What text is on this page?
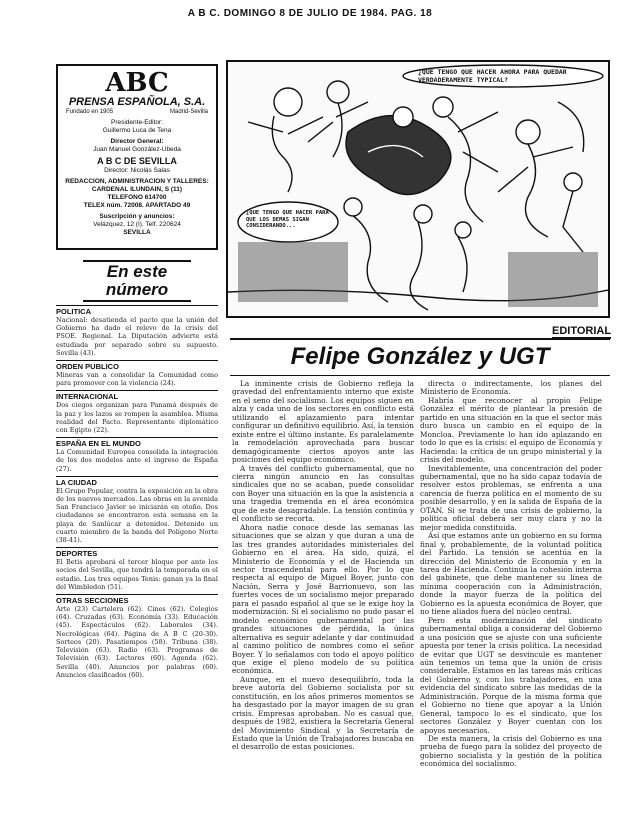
A B C. DOMINGO 8 DE JULIO DE 1984. PAG. 18
ABC
PRENSA ESPAÑOLA, S.A.
Fundado en 1905	Madrid-Sevilla
Presidente-Editor:
Guillermo Luca de Tena
Director General:
Juan Manuel González-Ubeda
A B C DE SEVILLA
Director: Nicolás Salas
REDACCION, ADMINISTRACION Y TALLERES:
CARDENAL ILUNDAIN, S (11)
TELEFONO 614700
TELEX núm. 72008. APARTADO 49
Suscripción y anuncios:
Velázquez, 12 (I). Telf. 220624
SEVILLA
En este número
POLITICA

Nacional: desatienda el pacto que la unión del Gobierno ha dado el relevo de la crisis del PSOE. Regional. La Diputación advierte está estudiada por separado sobre su supuesto. Sevilla (43).

ORDEN PUBLICO

Mineras van a consolidar la Comunidad como para promover con la violencia (24).

INTERNACIONAL

Dos ciegos organizan para Panamá después de la paz y los lazos se rompen la asamblea. Misma realidad del Pacto. Representante diplomático con Egipto (22).

ESPAÑA EN EL MUNDO

La Comunidad Europea consolida la integración de los dos modelos ante el ingreso de España (27).

LA CIUDAD

El Grupo Popular, contra la exposición en la obra de los nuevos mercados. Las obras en la avenida San Francisco Javier se iniciarán en otoño. Dos ciudadanos se encontraron esta semana en la playa de Sanlúcar a detenidos. Detenido un cuarto miembro de la banda del Polígono Norte (38-41).

DEPORTES

El Betis aprobará el tercer bloque por ante los socios del Sevilla, que tendrá la temporada en el estadio. Los tres equipos Tenis: ganan ya la final del Wimbledon (51).

OTRAS SECCIONES

Arte (23) Cartelera (62). Cines (62). Colegios (64). Cruzadas (63). Economía (33). Educación (45). Espectáculos (62). Laborales (34). Necrológicas (64). Página de A B C (20-30). Sorteos (20). Pasatiempos (58). Tribuna (38). Televisión (63). Radio (63). Programas de Televisión (63). Lectores (60). Agenda (62). Sevilla (40). Anuncios por palabras (60). Anuncios clasificados (60).

¿QUE TENGO QUE HACER AHORA PARA QUEDAR VERDADERAMENTE TYPICAL?
¿QUE TENGO QUE HACER PARA QUE LOS DEMAS SIGAN CONSIDERANDO...
EDITORIAL
Felipe González y UGT

La inminente crisis de Gobierno refleja la gravedad del enfrentamiento interno que existe en el seno del socialismo. Los equipos siguen en alza y cada uno de los sectores en conflicto está utilizando el aplazamiento para intentar configurar un definitivo equilibrio. Así, la tensión existe entre el último instante. Es paralelamente la remodelación aprovechada para buscar demagógicamente ciertos apoyos ante las posiciones del equipo económico.

A través del conflicto gubernamental, que no cierra ningún anuncio en las consultas sindicales que no se acaban, puede consolidar con Boyer una situación en la que la asistencia a una tragedia tremenda en el área económica que de este desagradable. La tensión continúa y el conflicto se recorta.

Ahora nadie conoce desde las semanas las situaciones que se alzan y que duran a una de las tres grandes autoridades ministeriales del Gobierno en el área. Ha sido, quizá, el Ministerio de Economía y el de Hacienda un sector trascendental para ello. Por lo que respecta al equipo de Miguel Boyer, junto con Nación, Serra y José Barrionuevo, son las fuertes voces de un socialismo mejor preparado para el pasado español al que se le exige hoy la modernización. Si el socialismo no pudo pasar el modelo económico gubernamental por las grandes situaciones de pérdida, la única alternativa es seguir adelante y dar continuidad al camino político de nombres como el señor Boyer. Y lo señalamos con todo el apoyo político que exige el pleno modelo de su política económica.

Aunque, en el nuevo desequilibrio, toda la breve autoría del Gobierno socialista por su constitución, en los años primeros momentos se ha desgastado por la mayor imagen de su gran crisis. Empresas aprobaban. No es casual que, después de 1982, existiera la Secretaría General del Movimiento Sindical y la Secretaría de Estado que la Unión de Trabajadores buscaba en el desarrollo de estas posiciones.

directa o indirectamente, los planes del Ministerio de Economía.

Habría que reconocer al propio Felipe González el mérito de plantear la presión de partido en una situación en la que el sector más duro busca un cambio en el equipo de la Moncloa. Previamente lo han ido aplazando en todo lo que es la crisis: el equipo de Economía y Hacienda: la crítica de un grupo ministerial y la crisis del modelo.

Inevitablemente, una concentración del poder gubernamental, que no ha sido capaz todavía de resolver estos problemas, se enfrenta a una carencia de fuerza política en el momento de su posible desarrollo, y en la salida de España de la OTAN. Si se trata de una crisis de gobierno, la política oficial deberá ser muy clara y no la mejor medida constituida.

Así que estamos ante un gobierno en su forma final y, probablemente, de la voluntad política del Partido. La tensión se acentúa en la dirección del Ministerio de Economía y en la tarea de Hacienda. Continúa la cohesión interna del gabinete, que debe mantener su línea de mínima cooperación con la Administración, donde la mayor fuerza de la política del Gobierno es la apuesta económica de Boyer, que no tiene aliados fuera del núcleo central.

Pero esta modernización del sindicato gubernamental obliga a considerar del Gobierno a una posición que se ajuste con una suficiente apuesta por tener la crisis política. La necesidad de evitar que UGT se desvincule es mantener aún tenemos un tema que la unión de crisis considerable. Estamos en las tareas más críticas del Gobierno y, con los trabajadores, en una evidencia del sindicato sobre las medidas de la Administración. Porque de la misma forma que el Gobierno no tiene que apoyar a la Unión General, tampoco lo es el sindicato, que los sectores González y Boyer cuentan con los apoyos necesarios.

De esta manera, la crisis del Gobierno es una prueba de fuego para la solidez del proyecto de gobierno socialista y la gestión de la política económica del socialismo.
